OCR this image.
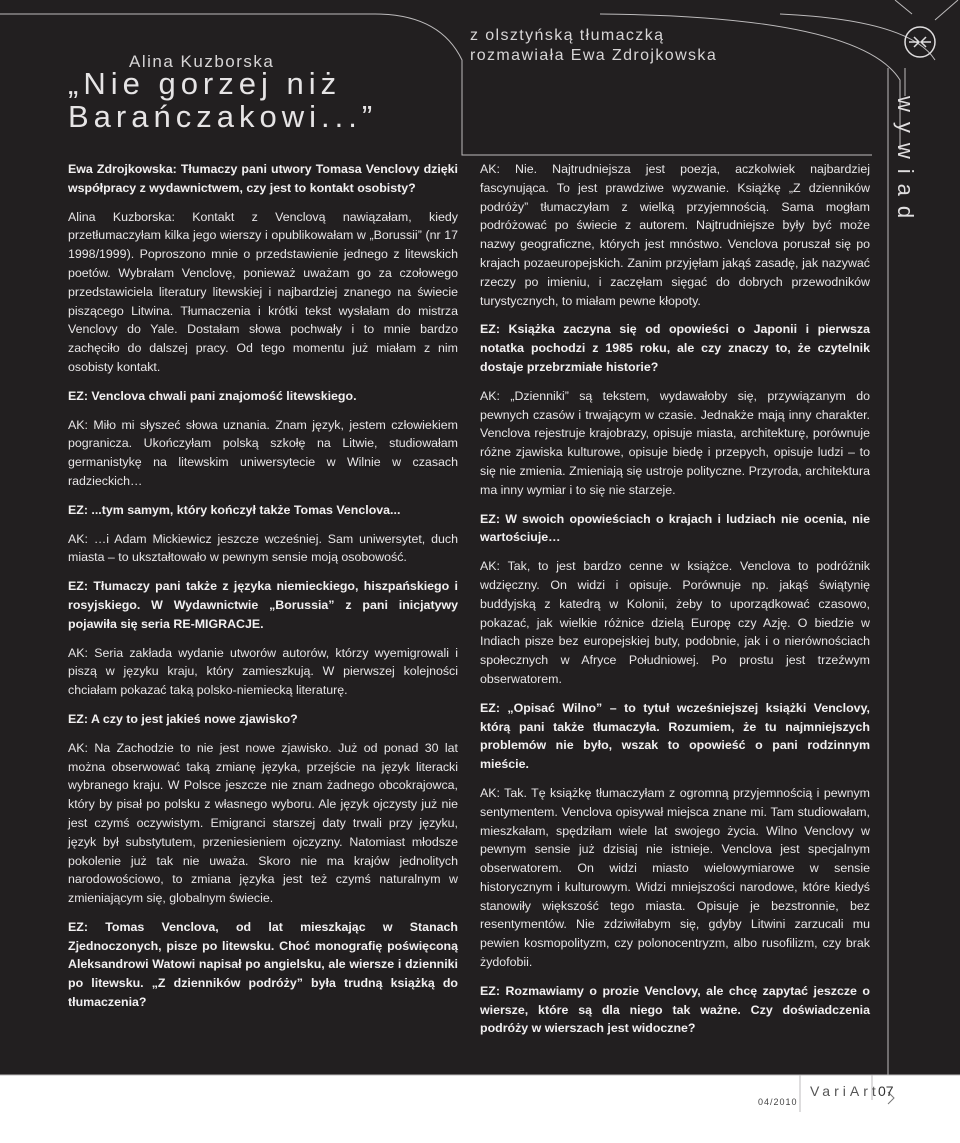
Alina Kuzborska
„Nie gorzej niż Barańczakowi...”
z olsztyńską tłumaczką
rozmawiała Ewa Zdrojkowska

Ewa Zdrojkowska: Tłumaczy pani utwory Tomasa Venclovy dzięki współpracy z wydawnictwem, czy jest to kontakt osobisty?

Alina Kuzborska: Kontakt z Venclovą nawiązałam, kiedy przetłumaczyłam kilka jego wierszy i opublikowałam w „Borussii” (nr 17 1998/1999). Poproszono mnie o przedstawienie jednego z litewskich poetów. Wybrałam Venclovę, ponieważ uważam go za czołowego przedstawiciela literatury litewskiej i najbardziej znanego na świecie piszącego Litwina. Tłumaczenia i krótki tekst wysłałam do mistrza Venclovy do Yale. Dostałam słowa pochwały i to mnie bardzo zachęciło do dalszej pracy. Od tego momentu już miałam z nim osobisty kontakt.

EZ: Venclova chwali pani znajomość litewskiego.

AK: Miło mi słyszeć słowa uznania. Znam język, jestem człowiekiem pogranicza. Ukończyłam polską szkołę na Litwie, studiowałam germanistykę na litewskim uniwersytecie w Wilnie w czasach radzieckich…

EZ: ...tym samym, który kończył także Tomas Venclova...

AK: …i Adam Mickiewicz jeszcze wcześniej. Sam uniwersytet, duch miasta – to ukształtowało w pewnym sensie moją osobowość.

EZ: Tłumaczy pani także z języka niemieckiego, hiszpańskiego i rosyjskiego. W Wydawnictwie „Borussia” z pani inicjatywy pojawiła się seria RE-MIGRACJE.

AK: Seria zakłada wydanie utworów autorów, którzy wyemigrowali i piszą w języku kraju, który zamieszkują. W pierwszej kolejności chciałam pokazać taką polsko-niemiecką literaturę.

EZ: A czy to jest jakieś nowe zjawisko?

AK: Na Zachodzie to nie jest nowe zjawisko. Już od ponad 30 lat można obserwować taką zmianę języka, przejście na język literacki wybranego kraju. W Polsce jeszcze nie znam żadnego obcokrajowca, który by pisał po polsku z własnego wyboru. Ale język ojczysty już nie jest czymś oczywistym. Emigranci starszej daty trwali przy języku, język był substytutem, przeniesieniem ojczyzny. Natomiast młodsze pokolenie już tak nie uważa. Skoro nie ma krajów jednolitych narodowościowo, to zmiana języka jest też czymś naturalnym w zmieniającym się, globalnym świecie.

EZ: Tomas Venclova, od lat mieszkając w Stanach Zjednoczonych, pisze po litewsku. Choć monografię poświęconą Aleksandrowi Watowi napisał po angielsku, ale wiersze i dzienniki po litewsku. „Z dzienników podróży” była trudną książką do tłumaczenia?

AK: Nie. Najtrudniejsza jest poezja, aczkolwiek najbardziej fascynująca. To jest prawdziwe wyzwanie. Książkę „Z dzienników podróży” tłumaczyłam z wielką przyjemnością. Sama mogłam podróżować po świecie z autorem. Najtrudniejsze były być może nazwy geograficzne, których jest mnóstwo. Venclova poruszał się po krajach pozaeuropejskich. Zanim przyjęłam jakąś zasadę, jak nazywać rzeczy po imieniu, i zaczęłam sięgać do dobrych przewodników turystycznych, to miałam pewne kłopoty.

EZ: Książka zaczyna się od opowieści o Japonii i pierwsza notatka pochodzi z 1985 roku, ale czy znaczy to, że czytelnik dostaje przebrzmiałe historie?

AK: „Dzienniki” są tekstem, wydawałoby się, przywiązanym do pewnych czasów i trwającym w czasie. Jednakże mają inny charakter. Venclova rejestruje krajobrazy, opisuje miasta, architekturę, porównuje różne zjawiska kulturowe, opisuje biedę i przepych, opisuje ludzi – to się nie zmienia. Zmieniają się ustroje polityczne. Przyroda, architektura ma inny wymiar i to się nie starzeje.

EZ: W swoich opowieściach o krajach i ludziach nie ocenia, nie wartościuje…

AK: Tak, to jest bardzo cenne w książce. Venclova to podróżnik wdzięczny. On widzi i opisuje. Porównuje np. jakąś świątynię buddyjską z katedrą w Kolonii, żeby to uporządkować czasowo, pokazać, jak wielkie różnice dzielą Europę czy Azję. O biedzie w Indiach pisze bez europejskiej buty, podobnie, jak i o nierównościach społecznych w Afryce Południowej. Po prostu jest trzeźwym obserwatorem.

EZ: „Opisać Wilno” – to tytuł wcześniejszej książki Venclovy, którą pani także tłumaczyła. Rozumiem, że tu najmniejszych problemów nie było, wszak to opowieść o pani rodzinnym mieście.

AK: Tak. Tę książkę tłumaczyłam z ogromną przyjemnością i pewnym sentymentem. Venclova opisywał miejsca znane mi. Tam studiowałam, mieszkałam, spędziłam wiele lat swojego życia. Wilno Venclovy w pewnym sensie już dzisiaj nie istnieje. Venclova jest specjalnym obserwatorem. On widzi miasto wielowymiarowe w sensie historycznym i kulturowym. Widzi mniejszości narodowe, które kiedyś stanowiły większość tego miasta. Opisuje je bezstronnie, bez resentymentów. Nie zdziwiłabym się, gdyby Litwini zarzucali mu pewien kosmopolityzm, czy polonocentryzm, albo rusofilizm, czy brak żydofobii.

EZ: Rozmawiamy o prozie Venclovy, ale chcę zapytać jeszcze o wiersze, które są dla niego tak ważne. Czy doświadczenia podróży w wierszach jest widoczne?

wywiad
04/2010
VariArt
07
